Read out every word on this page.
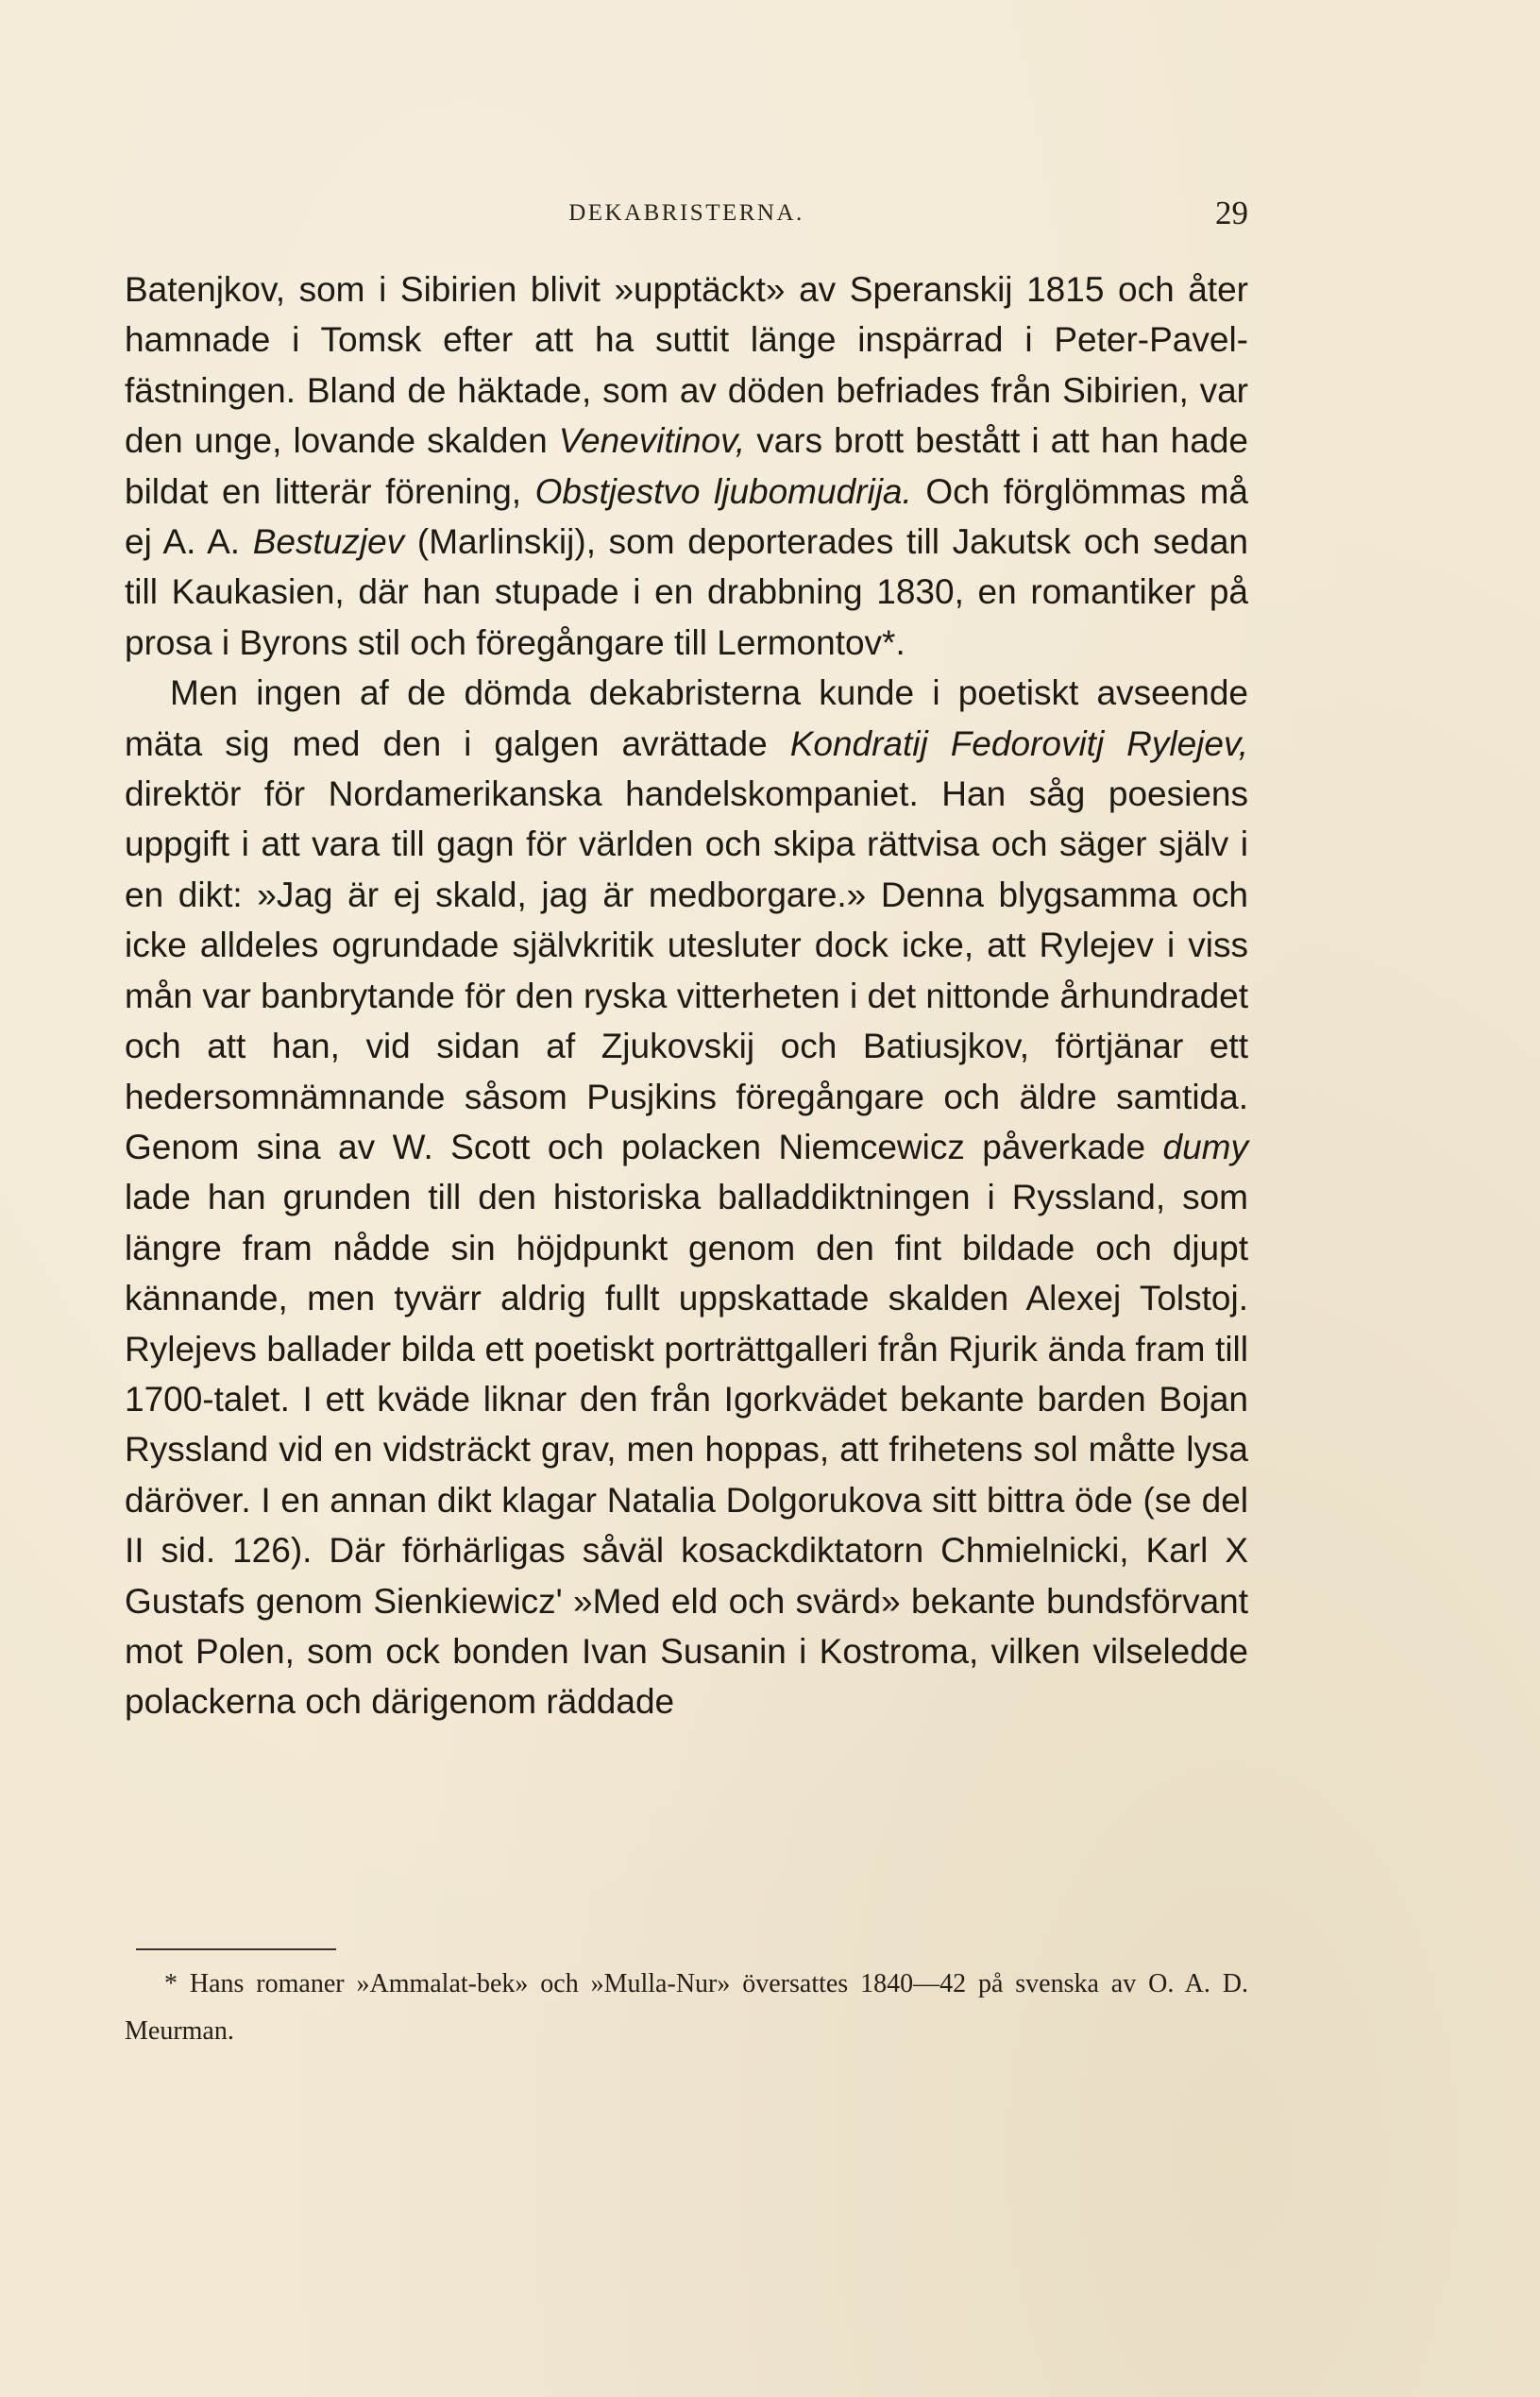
DEKABRISTERNA.	29

Batenjkov, som i Sibirien blivit »upptäckt» av Speranskij 1815 och åter hamnade i Tomsk efter att ha suttit länge inspärrad i Peter-Pavel-fästningen. Bland de häktade, som av döden befriades från Sibirien, var den unge, lovande skalden Venevitinov, vars brott bestått i att han hade bildat en litterär förening, Obstjestvo ljubomudrija. Och förglömmas må ej A. A. Bestuzjev (Marlinskij), som deporterades till Jakutsk och sedan till Kaukasien, där han stupade i en drabbning 1830, en romantiker på prosa i Byrons stil och föregångare till Lermontov*.

Men ingen af de dömda dekabristerna kunde i poetiskt avseende mäta sig med den i galgen avrättade Kondratij Fedorovitj Rylejev, direktör för Nordamerikanska handelskompaniet. Han såg poesiens uppgift i att vara till gagn för världen och skipa rättvisa och säger själv i en dikt: »Jag är ej skald, jag är medborgare.» Denna blygsamma och icke alldeles ogrundade självkritik utesluter dock icke, att Rylejev i viss mån var banbrytande för den ryska vitterheten i det nittonde århundradet och att han, vid sidan af Zjukovskij och Batiusjkov, förtjänar ett hedersomnämnande såsom Pusjkins föregångare och äldre samtida. Genom sina av W. Scott och polacken Niemcewicz påverkade dumy lade han grunden till den historiska balladdiktningen i Ryssland, som längre fram nådde sin höjdpunkt genom den fint bildade och djupt kännande, men tyvärr aldrig fullt uppskattade skalden Alexej Tolstoj. Rylejevs ballader bilda ett poetiskt porträttgalleri från Rjurik ända fram till 1700-talet. I ett kväde liknar den från Igorkvädet bekante barden Bojan Ryssland vid en vidsträckt grav, men hoppas, att frihetens sol måtte lysa däröver. I en annan dikt klagar Natalia Dolgorukova sitt bittra öde (se del II sid. 126). Där förhärligas såväl kosackdiktatorn Chmielnicki, Karl X Gustafs genom Sienkiewicz' »Med eld och svärd» bekante bundsförvant mot Polen, som ock bonden Ivan Susanin i Kostroma, vilken vilseledde polackerna och därigenom räddade

* Hans romaner »Ammalat-bek» och »Mulla-Nur» översattes 1840—42 på svenska av O. A. D. Meurman.
